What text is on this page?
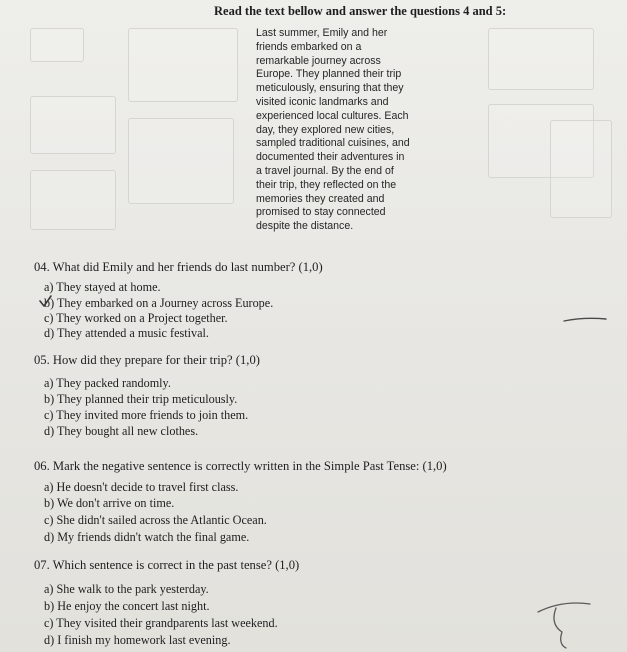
Read the text bellow and answer the questions 4 and 5:
Last summer, Emily and her
friends embarked on a
remarkable journey across
Europe. They planned their trip
meticulously, ensuring that they
visited iconic landmarks and
experienced local cultures. Each
day, they explored new cities,
sampled traditional cuisines, and
documented their adventures in
a travel journal. By the end of
their trip, they reflected on the
memories they created and
promised to stay connected
despite the distance.
04. What did Emily and her friends do last number? (1,0)
a) They stayed at home.
b) They embarked on a Journey across Europe.
c) They worked on a Project together.
d) They attended a music festival.
05. How did they prepare for their trip? (1,0)
a) They packed randomly.
b) They planned their trip meticulously.
c) They invited more friends to join them.
d) They bought all new clothes.
06. Mark the negative sentence is correctly written in the Simple Past Tense: (1,0)
a) He doesn't decide to travel first class.
b) We don't arrive on time.
c) She didn't sailed across the Atlantic Ocean.
d) My friends didn't watch the final game.
07. Which sentence is correct in the past tense? (1,0)
a) She walk to the park yesterday.
b) He enjoy the concert last night.
c) They visited their grandparents last weekend.
d) I finish my homework last evening.
